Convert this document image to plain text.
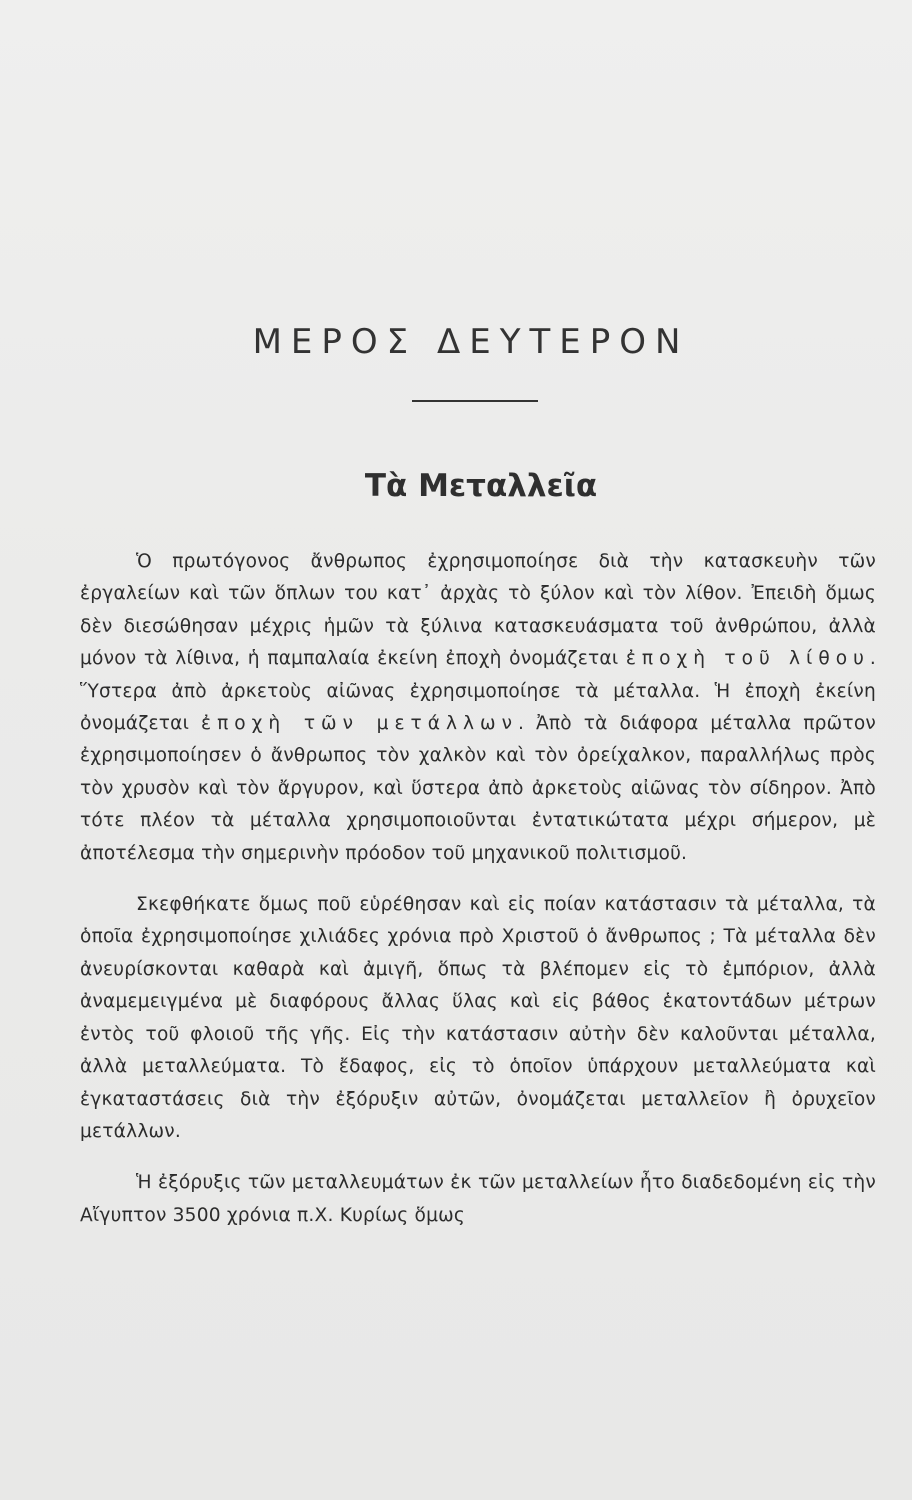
ΜΕΡΟΣ ΔΕΥΤΕΡΟΝ
Τὰ Μεταλλεῖα

Ὁ πρωτόγονος ἄνθρωπος ἐχρησιμοποίησε διὰ τὴν κατασκευὴν τῶν ἐργαλείων καὶ τῶν ὅπλων του κατ᾽ ἀρχὰς τὸ ξύλον καὶ τὸν λίθον. Ἐπειδὴ ὅμως δὲν διεσώθησαν μέχρις ἡμῶν τὰ ξύλινα κατασκευάσματα τοῦ ἀνθρώπου, ἀλλὰ μόνον τὰ λίθινα, ἡ παμπαλαία ἐκείνη ἐποχὴ ὀνομάζεται ἐποχὴ τοῦ λίθου. Ὕστερα ἀπὸ ἀρκετοὺς αἰῶνας ἐχρησιμοποίησε τὰ μέταλλα. Ἡ ἐποχὴ ἐκείνη ὀνομάζεται ἐποχὴ τῶν μετάλλων. Ἀπὸ τὰ διάφορα μέταλλα πρῶτον ἐχρησιμοποίησεν ὁ ἄνθρωπος τὸν χαλκὸν καὶ τὸν ὀρείχαλκον, παραλλήλως πρὸς τὸν χρυσὸν καὶ τὸν ἄργυρον, καὶ ὕστερα ἀπὸ ἀρκετοὺς αἰῶνας τὸν σίδηρον. Ἀπὸ τότε πλέον τὰ μέταλλα χρησιμοποιοῦνται ἐντατικώτατα μέχρι σήμερον, μὲ ἀποτέλεσμα τὴν σημερινὴν πρόοδον τοῦ μηχανικοῦ πολιτισμοῦ.

Σκεφθήκατε ὅμως ποῦ εὑρέθησαν καὶ εἰς ποίαν κατάστασιν τὰ μέταλλα, τὰ ὁποῖα ἐχρησιμοποίησε χιλιάδες χρόνια πρὸ Χριστοῦ ὁ ἄνθρωπος ; Τὰ μέταλλα δὲν ἀνευρίσκονται καθαρὰ καὶ ἀμιγῆ, ὅπως τὰ βλέπομεν εἰς τὸ ἐμπόριον, ἀλλὰ ἀναμεμειγμένα μὲ διαφόρους ἄλλας ὕλας καὶ εἰς βάθος ἑκατοντάδων μέτρων ἐντὸς τοῦ φλοιοῦ τῆς γῆς. Εἰς τὴν κατάστασιν αὐτὴν δὲν καλοῦνται μέταλλα, ἀλλὰ μεταλλεύματα. Τὸ ἔδαφος, εἰς τὸ ὁποῖον ὑπάρχουν μεταλλεύματα καὶ ἐγκαταστάσεις διὰ τὴν ἐξόρυξιν αὐτῶν, ὀνομάζεται μεταλλεῖον ἢ ὀρυχεῖον μετάλλων.

Ἡ ἐξόρυξις τῶν μεταλλευμάτων ἐκ τῶν μεταλλείων ἦτο διαδεδομένη εἰς τὴν Αἴγυπτον 3500 χρόνια π.Χ. Κυρίως ὅμως
